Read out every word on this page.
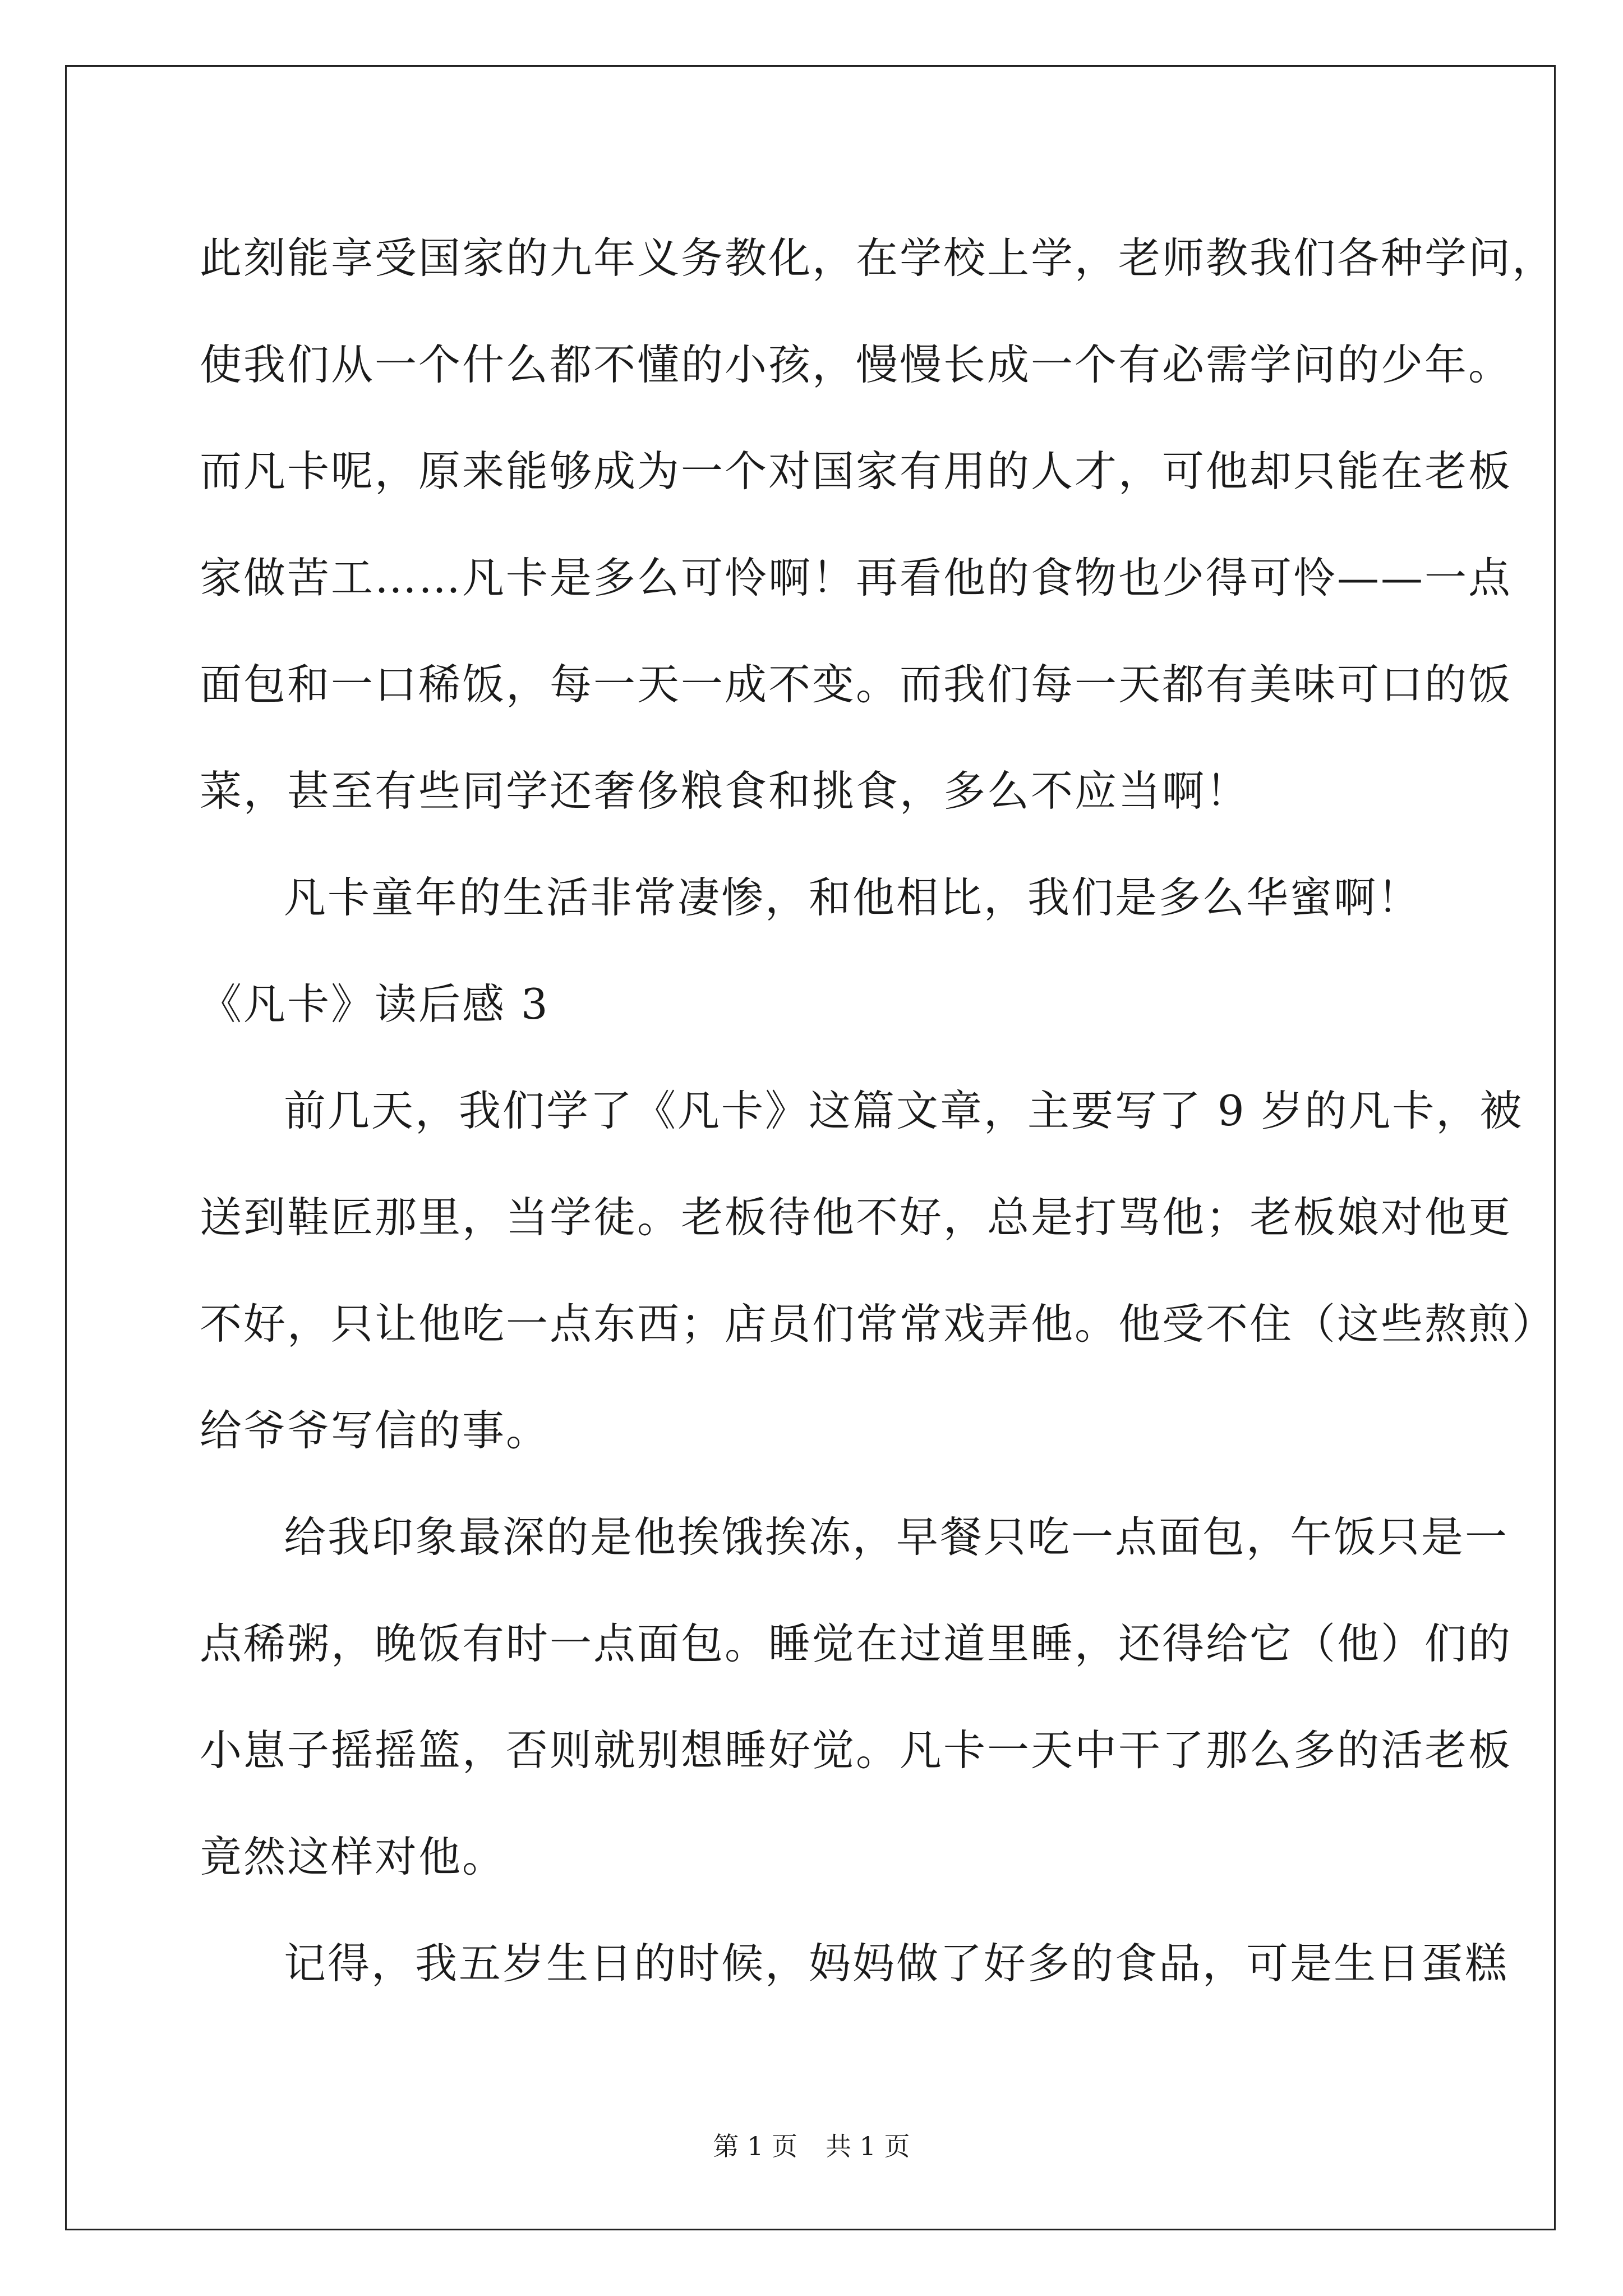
此刻能享受国家的九年义务教化，在学校上学，老师教我们各种学问，
使我们从一个什么都不懂的小孩，慢慢长成一个有必需学问的少年。
而凡卡呢，原来能够成为一个对国家有用的人才，可他却只能在老板
家做苦工……凡卡是多么可怜啊！再看他的食物也少得可怜——一点
面包和一口稀饭，每一天一成不变。而我们每一天都有美味可口的饭
菜，甚至有些同学还奢侈粮食和挑食，多么不应当啊！
凡卡童年的生活非常凄惨，和他相比，我们是多么华蜜啊！
《凡卡》读后感 3
前几天，我们学了《凡卡》这篇文章，主要写了 9 岁的凡卡，被
送到鞋匠那里，当学徒。老板待他不好，总是打骂他；老板娘对他更
不好，只让他吃一点东西；店员们常常戏弄他。他受不住（这些熬煎）
给爷爷写信的事。
给我印象最深的是他挨饿挨冻，早餐只吃一点面包，午饭只是一
点稀粥，晚饭有时一点面包。睡觉在过道里睡，还得给它（他）们的
小崽子摇摇篮，否则就别想睡好觉。凡卡一天中干了那么多的活老板
竟然这样对他。
记得，我五岁生日的时候，妈妈做了好多的食品，可是生日蛋糕
第 1 页 共 1 页
